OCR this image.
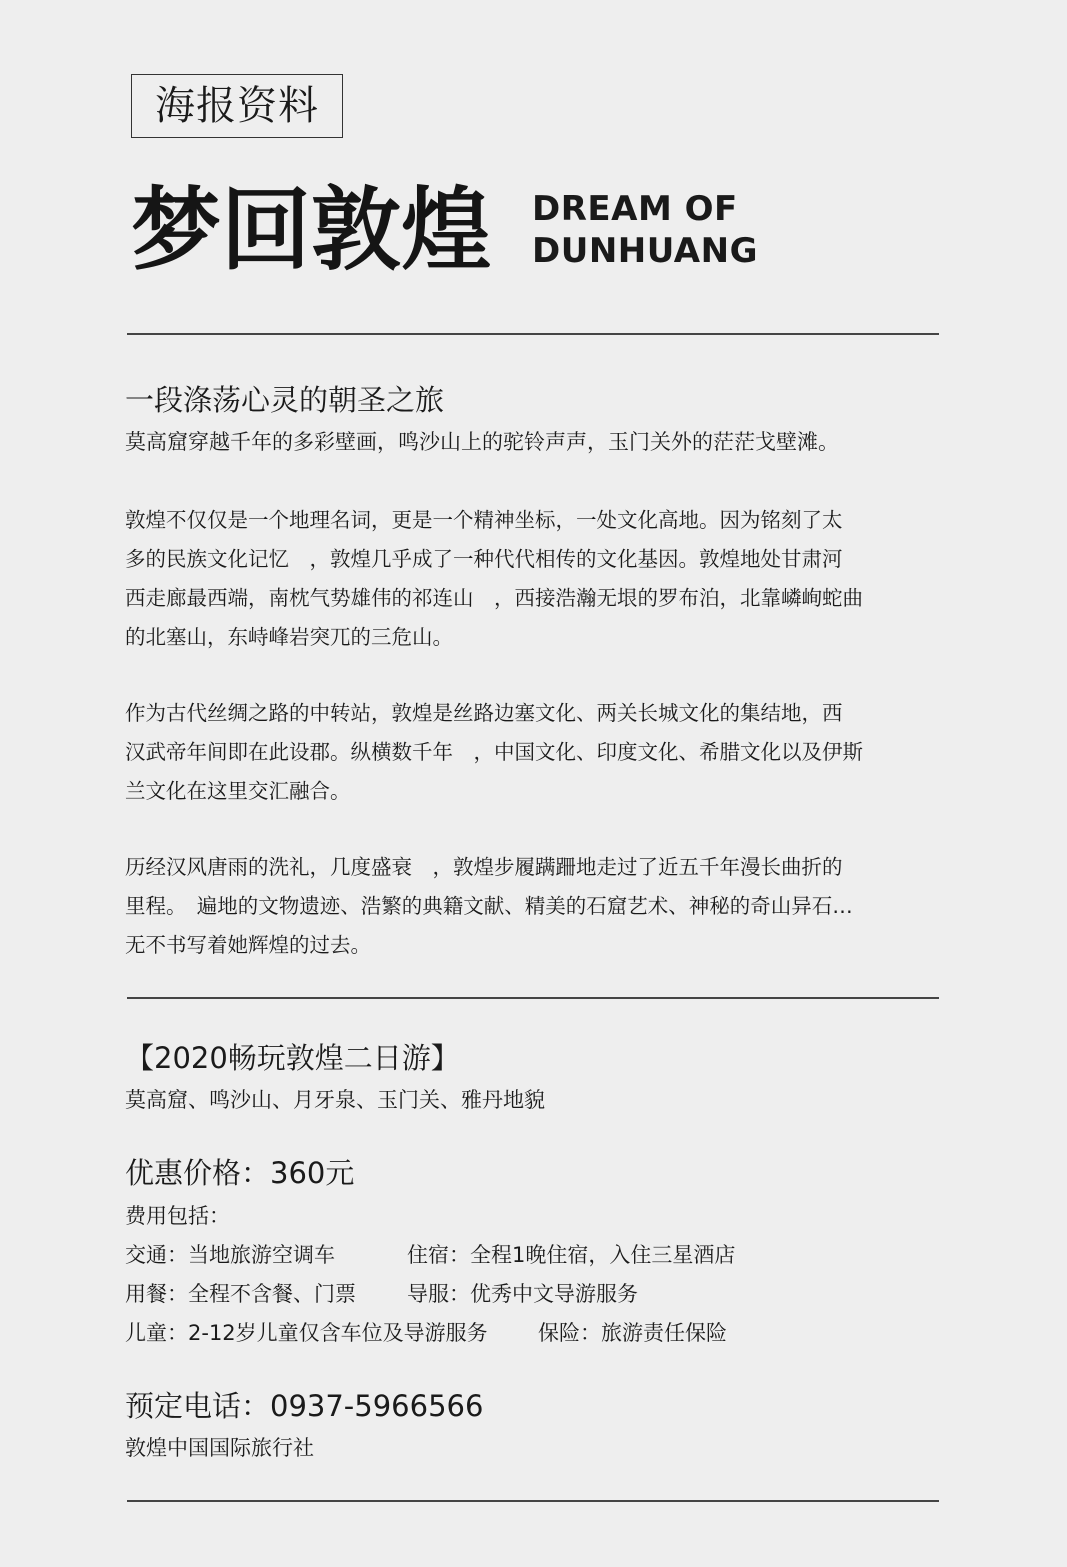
海报资料
梦回敦煌 DREAM OF
DUNHUANG
一段涤荡心灵的朝圣之旅
莫高窟穿越千年的多彩壁画，鸣沙山上的驼铃声声，玉门关外的茫茫戈壁滩。
敦煌不仅仅是一个地理名词，更是一个精神坐标，一处文化高地。因为铭刻了太
多的民族文化记忆　，敦煌几乎成了一种代代相传的文化基因。敦煌地处甘肃河
西走廊最西端，南枕气势雄伟的祁连山　，西接浩瀚无垠的罗布泊，北靠嶙峋蛇曲
的北塞山，东峙峰岩突兀的三危山。
作为古代丝绸之路的中转站，敦煌是丝路边塞文化、两关长城文化的集结地，西
汉武帝年间即在此设郡。纵横数千年　，中国文化、印度文化、希腊文化以及伊斯
兰文化在这里交汇融合。
历经汉风唐雨的洗礼，几度盛衰　，敦煌步履蹒跚地走过了近五千年漫长曲折的
里程。　遍地的文物遗迹、浩繁的典籍文献、精美的石窟艺术、神秘的奇山异石…
无不书写着她辉煌的过去。
【2020畅玩敦煌二日游】
莫高窟、鸣沙山、月牙泉、玉门关、雅丹地貌
优惠价格：360元
费用包括：
交通：当地旅游空调车	住宿：全程1晚住宿，入住三星酒店
用餐：全程不含餐、门票	导服：优秀中文导游服务
儿童：2-12岁儿童仅含车位及导游服务	保险：旅游责任保险
预定电话：0937-5966566
敦煌中国国际旅行社
